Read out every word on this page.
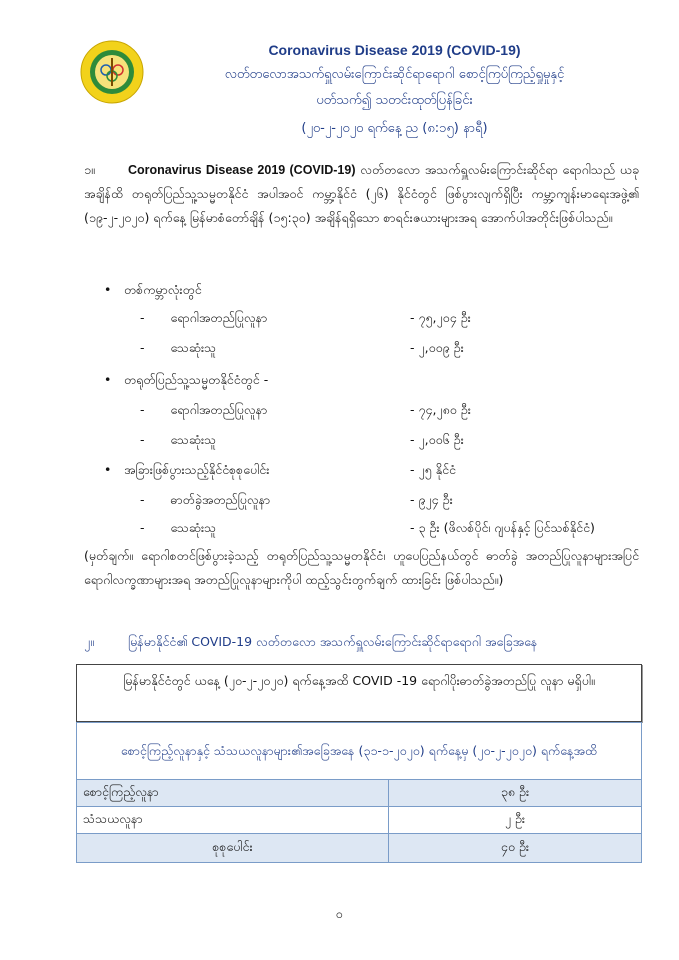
Coronavirus Disease 2019 (COVID-19)
လတ်တလောအသက်ရှူလမ်းကြောင်းဆိုင်ရာရောဂါ စောင့်ကြပ်ကြည့်ရှုမှုနှင့်
ပတ်သက်၍ သတင်းထုတ်ပြန်ခြင်း
(၂၀-၂-၂၀၂၀ ရက်နေ့ ည (၈:၁၅) နာရီ)
၁။	Coronavirus Disease 2019 (COVID-19) လတ်တလော အသက်ရှူလမ်းကြောင်းဆိုင်ရာ ရောဂါသည် ယခုအချိန်ထိ တရုတ်ပြည်သူ့သမ္မတနိုင်ငံ အပါအဝင် ကမ္ဘာ့နိုင်ငံ (၂၆) နိုင်ငံတွင် ဖြစ်ပွားလျက်ရှိပြီး ကမ္ဘာ့ကျန်းမာရေးအဖွဲ့၏ (၁၉-၂-၂၀၂၀) ရက်နေ့ မြန်မာစံတော်ချိန် (၁၅:၃၀) အချိန်ရရှိသော စာရင်းဇယားများအရ အောက်ပါအတိုင်းဖြစ်ပါသည်။
• တစ်ကမ္ဘာလုံးတွင်
- ရောဂါအတည်ပြုလူနာ	- ၇၅,၂၀၄ ဦး
- သေဆုံးသူ	- ၂,၀၀၉ ဦး
• တရုတ်ပြည်သူ့သမ္မတနိုင်ငံတွင် -
- ရောဂါအတည်ပြုလူနာ	- ၇၄,၂၈၀ ဦး
- သေဆုံးသူ	- ၂,၀၀၆ ဦး
• အခြားဖြစ်ပွားသည့်နိုင်ငံစုစုပေါင်း	- ၂၅ နိုင်ငံ
- ဓာတ်ခွဲအတည်ပြုလူနာ	- ၉၂၄ ဦး
- သေဆုံးသူ	- ၃ ဦး (ဖိလစ်ပိုင်၊ ဂျပန်နှင့် ပြင်သစ်နိုင်ငံ)
(မှတ်ချက်။ ရောဂါစတင်ဖြစ်ပွားခဲ့သည့် တရုတ်ပြည်သူ့သမ္မတနိုင်ငံ၊ ဟူပေပြည်နယ်တွင် ဓာတ်ခွဲ အတည်ပြုလူနာများအပြင် ရောဂါလက္ခဏာများအရ အတည်ပြုလူနာများကိုပါ ထည့်သွင်းတွက်ချက် ထားခြင်း ဖြစ်ပါသည်။)
၂။	မြန်မာနိုင်ငံ၏ COVID-19 လတ်တလော အသက်ရှူလမ်းကြောင်းဆိုင်ရာရောဂါ အခြေအနေ
မြန်မာနိုင်ငံတွင် ယနေ့ (၂၀-၂-၂၀၂၀) ရက်နေ့အထိ COVID -19 ရောဂါပိုးဓာတ်ခွဲအတည်ပြု လူနာ မရှိပါ။
စောင့်ကြည့်လူနာနှင့် သံသယလူနာများ၏အခြေအနေ (၃၁-၁-၂၀၂၀) ရက်နေ့မှ (၂၀-၂-၂၀၂၀) ရက်နေ့အထိ	
စောင့်ကြည့်လူနာ	၃၈ ဦး
သံသယလူနာ	၂ ဦး
စုစုပေါင်း	၄၀ ဦး
၀
